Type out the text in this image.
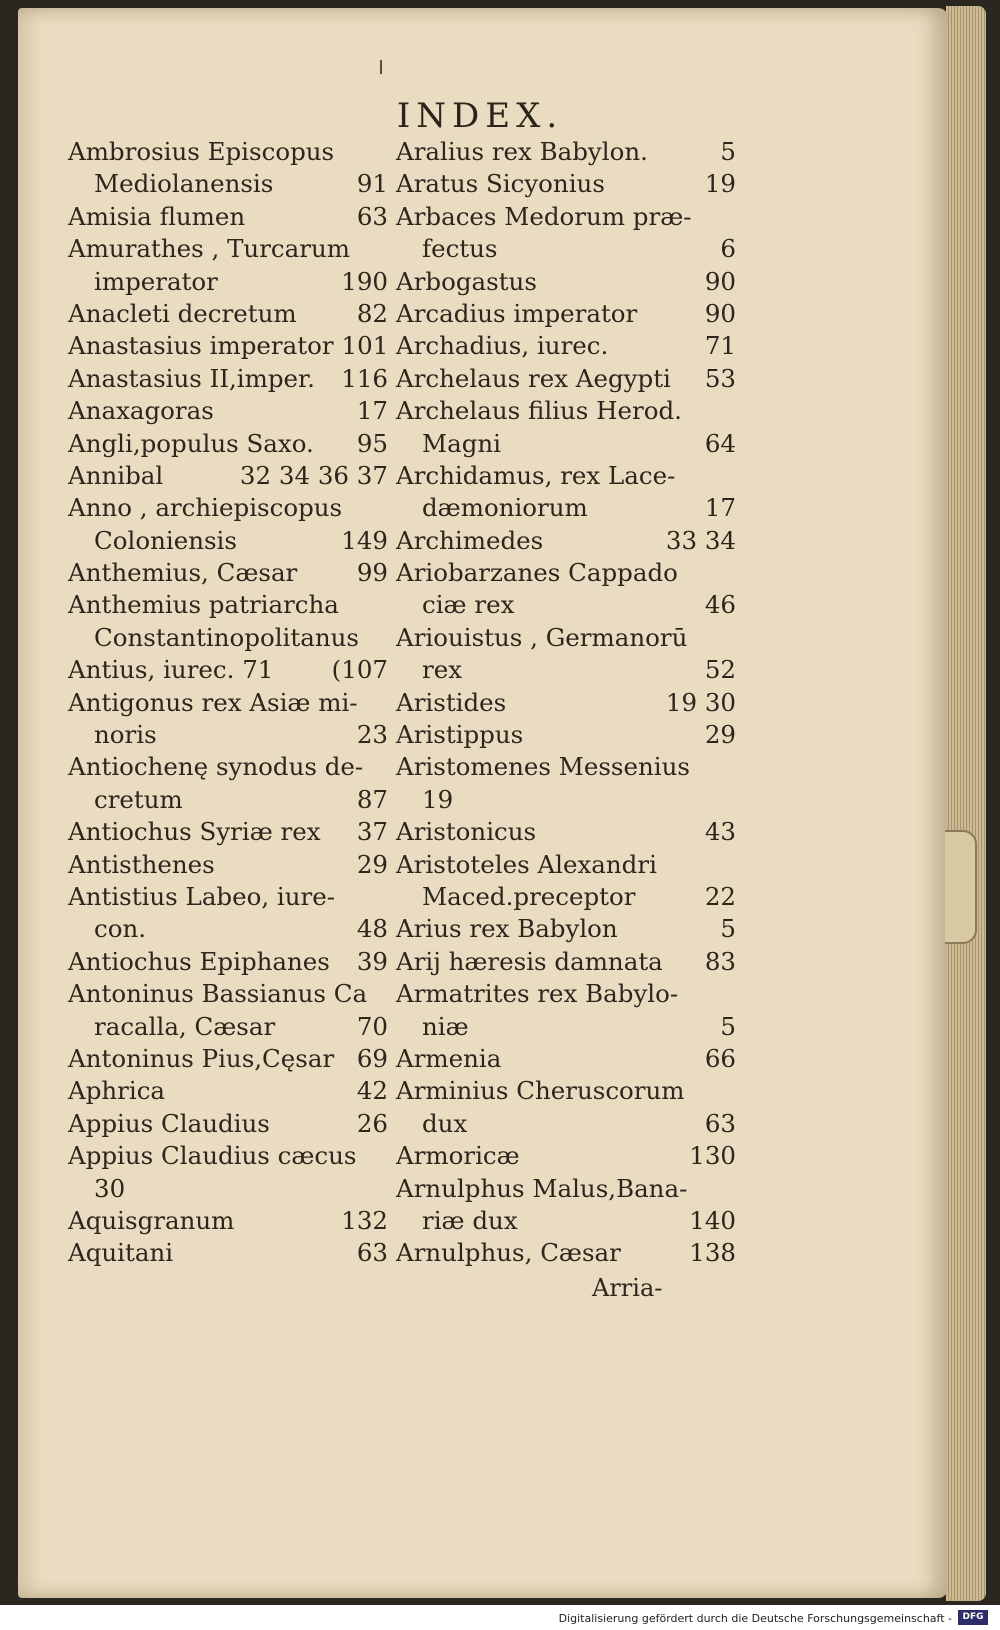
INDEX.
Ambrosius Episcopus
Mediolanensis	91
Amisia flumen	63
Amurathes , Turcarum
imperator	190
Anacleti decretum	82
Anastasius imperator 101
Anastasius II,imper.	116
Anaxagoras	17
Angli,populus Saxo.	95
Annibal	32 34 36 37
Anno , archiepiscopus
Coloniensis	149
Anthemius, Cæsar	99
Anthemius patriarcha
Constantinopolitanus
Antius, iurec. 71	(107
Antigonus rex Asiæ mi-
noris	23
Antiochenę synodus de-
cretum	87
Antiochus Syriæ rex	37
Antisthenes	29
Antistius Labeo, iure-
con.	48
Antiochus Epiphanes	39
Antoninus Bassianus Ca
racalla, Cæsar	70
Antoninus Pius,Cęsar 69
Aphrica	42
Appius Claudius	26
Appius Claudius cæcus
30
Aquisgranum	132
Aquitani	63
Aralius rex Babylon.	5
Aratus Sicyonius	19
Arbaces Medorum præ-
fectus	6
Arbogastus	90
Arcadius imperator	90
Archadius, iurec.	71
Archelaus rex Aegypti	53
Archelaus filius Herod.
Magni	64
Archidamus, rex Lace-
dæmoniorum	17
Archimedes	33 34
Ariobarzanes Cappado
ciæ rex	46
Ariouistus , Germanorū
rex	52
Aristides	19 30
Aristippus	29
Aristomenes Messenius
19
Aristonicus	43
Aristoteles Alexandri
Maced.preceptor	22
Arius rex Babylon	5
Arij hæresis damnata	83
Armatrites rex Babylo-
niæ	5
Armenia	66
Arminius Cheruscorum
dux	63
Armoricæ	130
Arnulphus Malus,Bana-
riæ dux	140
Arnulphus, Cæsar	138
Arria-
Digitalisierung gefördert durch die Deutsche Forschungsgemeinschaft -	DFG
